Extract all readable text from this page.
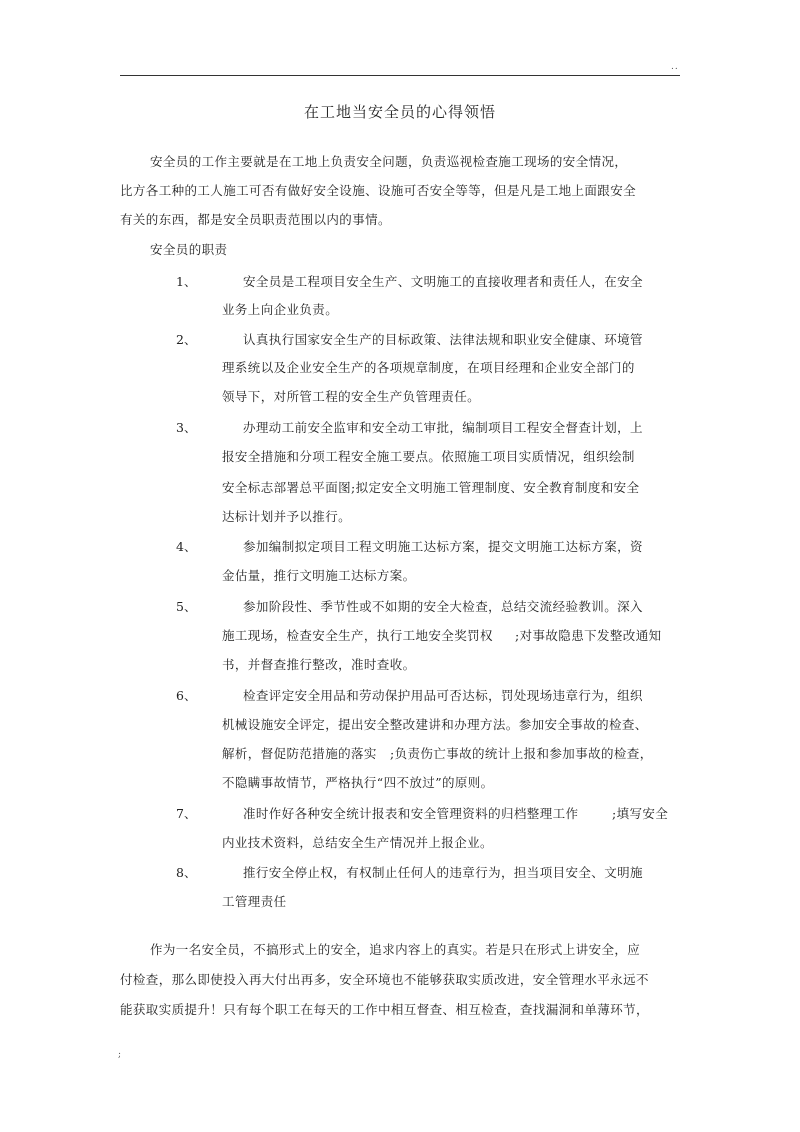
..
在工地当安全员的心得领悟
安全员的工作主要就是在工地上负责安全问题，负责巡视检查施工现场的安全情况，
比方各工种的工人施工可否有做好安全设施、设施可否安全等等，但是凡是工地上面跟安全
有关的东西，都是安全员职责范围以内的事情。
安全员的职责
1、	安全员是工程项目安全生产、文明施工的直接收理者和责任人，在安全
业务上向企业负责。
2、	认真执行国家安全生产的目标政策、法律法规和职业安全健康、环境管
理系统以及企业安全生产的各项规章制度，在项目经理和企业安全部门的
领导下，对所管工程的安全生产负管理责任。
3、	办理动工前安全监审和安全动工审批，编制项目工程安全督查计划，上
报安全措施和分项工程安全施工要点。依照施工项目实质情况，组织绘制
安全标志部署总平面图;拟定安全文明施工管理制度、安全教育制度和安全
达标计划并予以推行。
4、	参加编制拟定项目工程文明施工达标方案，提交文明施工达标方案，资
金估量，推行文明施工达标方案。
5、	参加阶段性、季节性或不如期的安全大检查，总结交流经验教训。深入
施工现场，检查安全生产，执行工地安全奖罚权 ;对事故隐患下发整改通知
书，并督查推行整改，准时查收。
6、	检查评定安全用品和劳动保护用品可否达标，罚处现场违章行为，组织
机械设施安全评定，提出安全整改建讲和办理方法。参加安全事故的检查、
解析，督促防范措施的落实 ;负责伤亡事故的统计上报和参加事故的检查，
不隐瞒事故情节，严格执行“四不放过”的原则。
7、	准时作好各种安全统计报表和安全管理资料的归档整理工作	;填写安全
内业技术资料，总结安全生产情况并上报企业。
8、	推行安全停止权，有权制止任何人的违章行为，担当项目安全、文明施
工管理责任
作为一名安全员，不搞形式上的安全，追求内容上的真实。若是只在形式上讲安全，应
付检查，那么即使投入再大付出再多，安全环境也不能够获取实质改进，安全管理水平永远不
能获取实质提升！只有每个职工在每天的工作中相互督查、相互检查，查找漏洞和单薄环节，
;
